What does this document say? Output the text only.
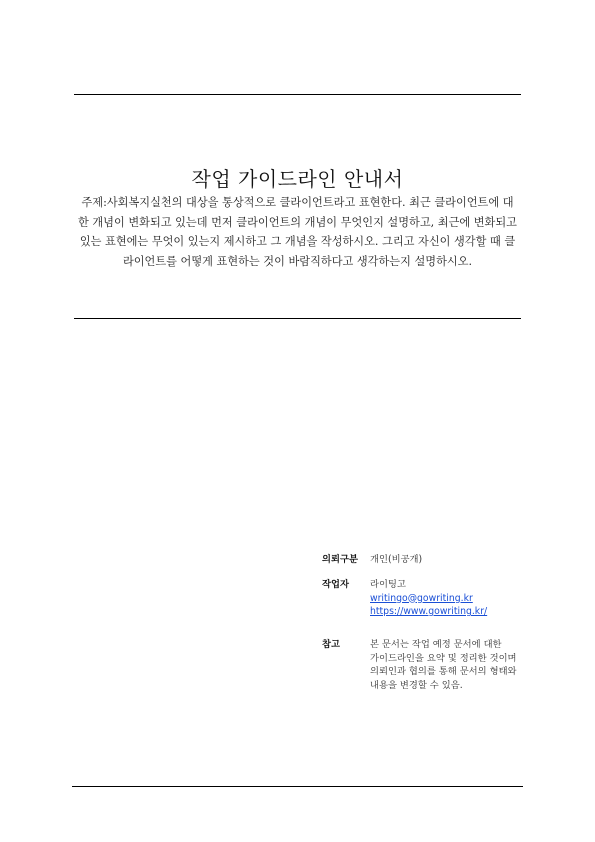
작업 가이드라인 안내서
주제:사회복지실천의 대상을 통상적으로 클라이언트라고 표현한다. 최근 클라이언트에 대한 개념이 변화되고 있는데 먼저 클라이언트의 개념이 무엇인지 설명하고, 최근에 변화되고 있는 표현에는 무엇이 있는지 제시하고 그 개념을 작성하시오. 그리고 자신이 생각할 때 클라이언트를 어떻게 표현하는 것이 바람직하다고 생각하는지 설명하시오.
의뢰구분 개인(비공개)
작업자 라이팅고
writingo@gowriting.kr
https://www.gowriting.kr/
참고	본 문서는 작업 예정 문서에 대한
가이드라인을 요약 및 정리한 것이며
의뢰인과 협의를 통해 문서의 형태와
내용을 변경할 수 있음.
